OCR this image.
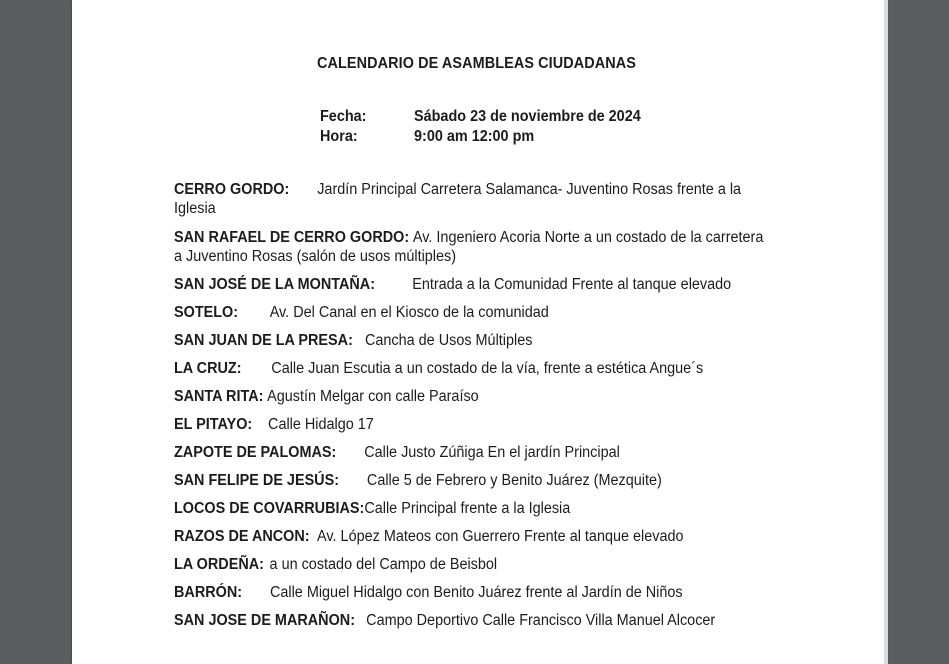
CALENDARIO DE ASAMBLEAS CIUDADANAS
Fecha:	Sábado 23 de noviembre de 2024
Hora:	9:00 am 12:00 pm
CERRO GORDO: Jardín Principal Carretera Salamanca- Juventino Rosas frente a la Iglesia
SAN RAFAEL DE CERRO GORDO: Av. Ingeniero Acoria Norte a un costado de la carretera a Juventino Rosas (salón de usos múltiples)
SAN JOSÉ DE LA MONTAÑA: Entrada a la Comunidad Frente al tanque elevado
SOTELO: Av. Del Canal en el Kiosco de la comunidad
SAN JUAN DE LA PRESA: Cancha de Usos Múltiples
LA CRUZ: Calle Juan Escutia a un costado de la vía, frente a estética Angue´s
SANTA RITA: Agustín Melgar con calle Paraíso
EL PITAYO: Calle Hidalgo 17
ZAPOTE DE PALOMAS: Calle Justo Zúñiga En el jardín Principal
SAN FELIPE DE JESÚS: Calle 5 de Febrero y Benito Juárez (Mezquite)
LOCOS DE COVARRUBIAS:Calle Principal frente a la Iglesia
RAZOS DE ANCON: Av. López Mateos con Guerrero Frente al tanque elevado
LA ORDEÑA: a un costado del Campo de Beisbol
BARRÓN: Calle Miguel Hidalgo con Benito Juárez frente al Jardín de Niños
SAN JOSE DE MARAÑON: Campo Deportivo Calle Francisco Villa Manuel Alcocer
